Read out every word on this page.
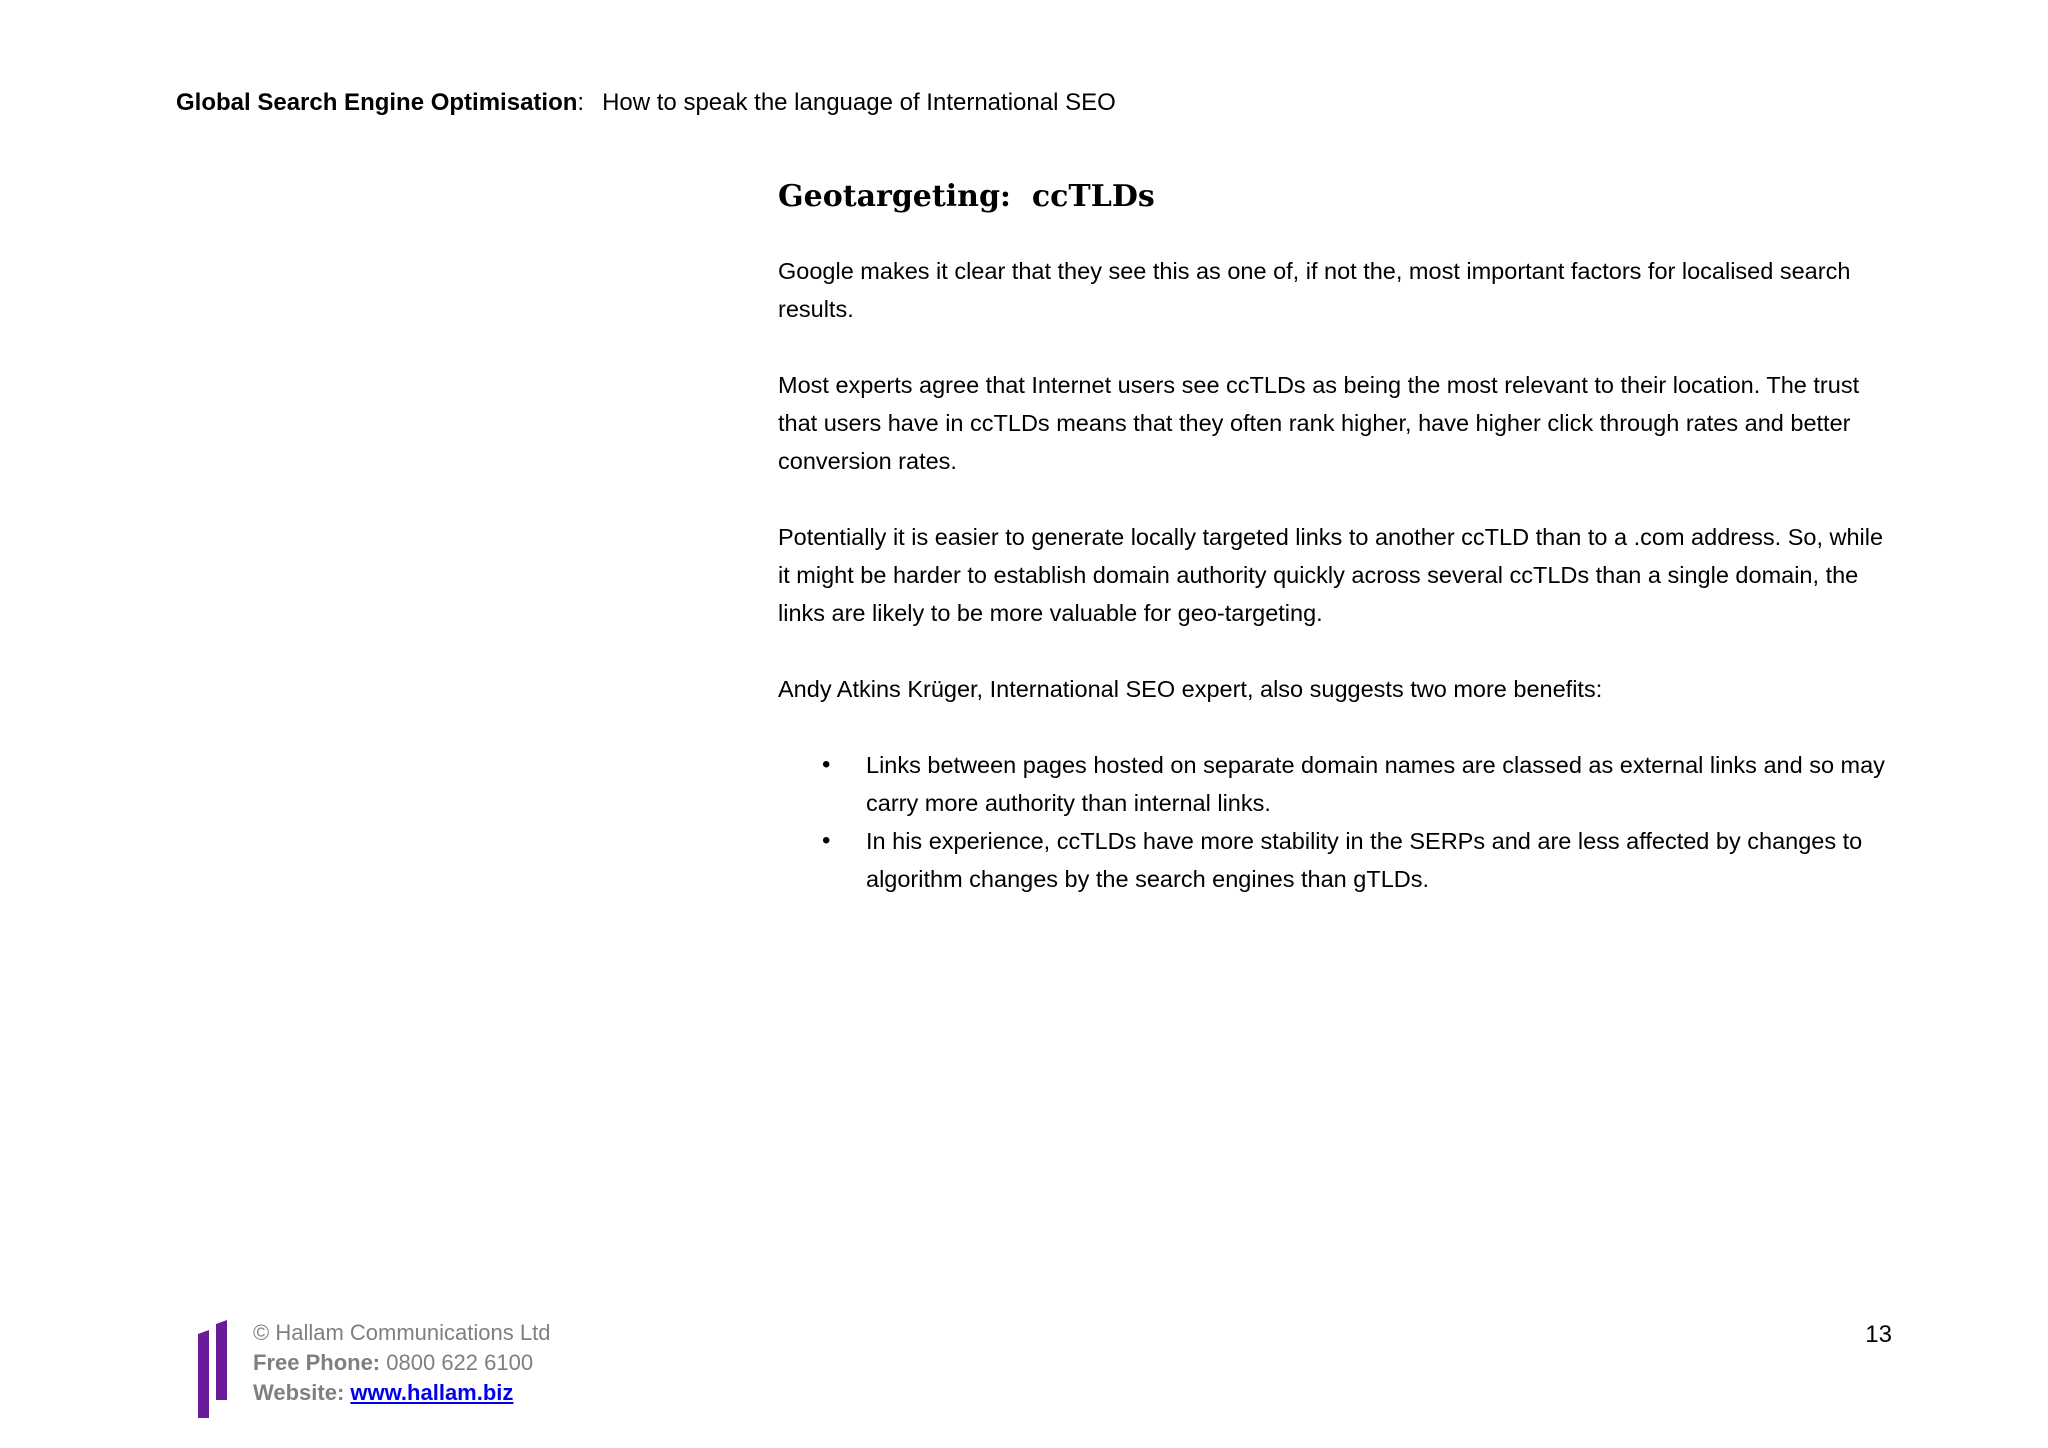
Global Search Engine Optimisation: How to speak the language of International SEO
Geotargeting:  ccTLDs

Google makes it clear that they see this as one of, if not the, most important factors for localised search results.

Most experts agree that Internet users see ccTLDs as being the most relevant to their location. The trust that users have in ccTLDs means that they often rank higher, have higher click through rates and better conversion rates.

Potentially it is easier to generate locally targeted links to another ccTLD than to a .com address. So, while it might be harder to establish domain authority quickly across several ccTLDs than a single domain, the links are likely to be more valuable for geo-targeting.

Andy Atkins Krüger, International SEO expert, also suggests two more benefits:

• Links between pages hosted on separate domain names are classed as external links and so may carry more authority than internal links.
• In his experience, ccTLDs have more stability in the SERPs and are less affected by changes to algorithm changes by the search engines than gTLDs.
© Hallam Communications Ltd
Free Phone: 0800 622 6100
Website: www.hallam.biz
13
